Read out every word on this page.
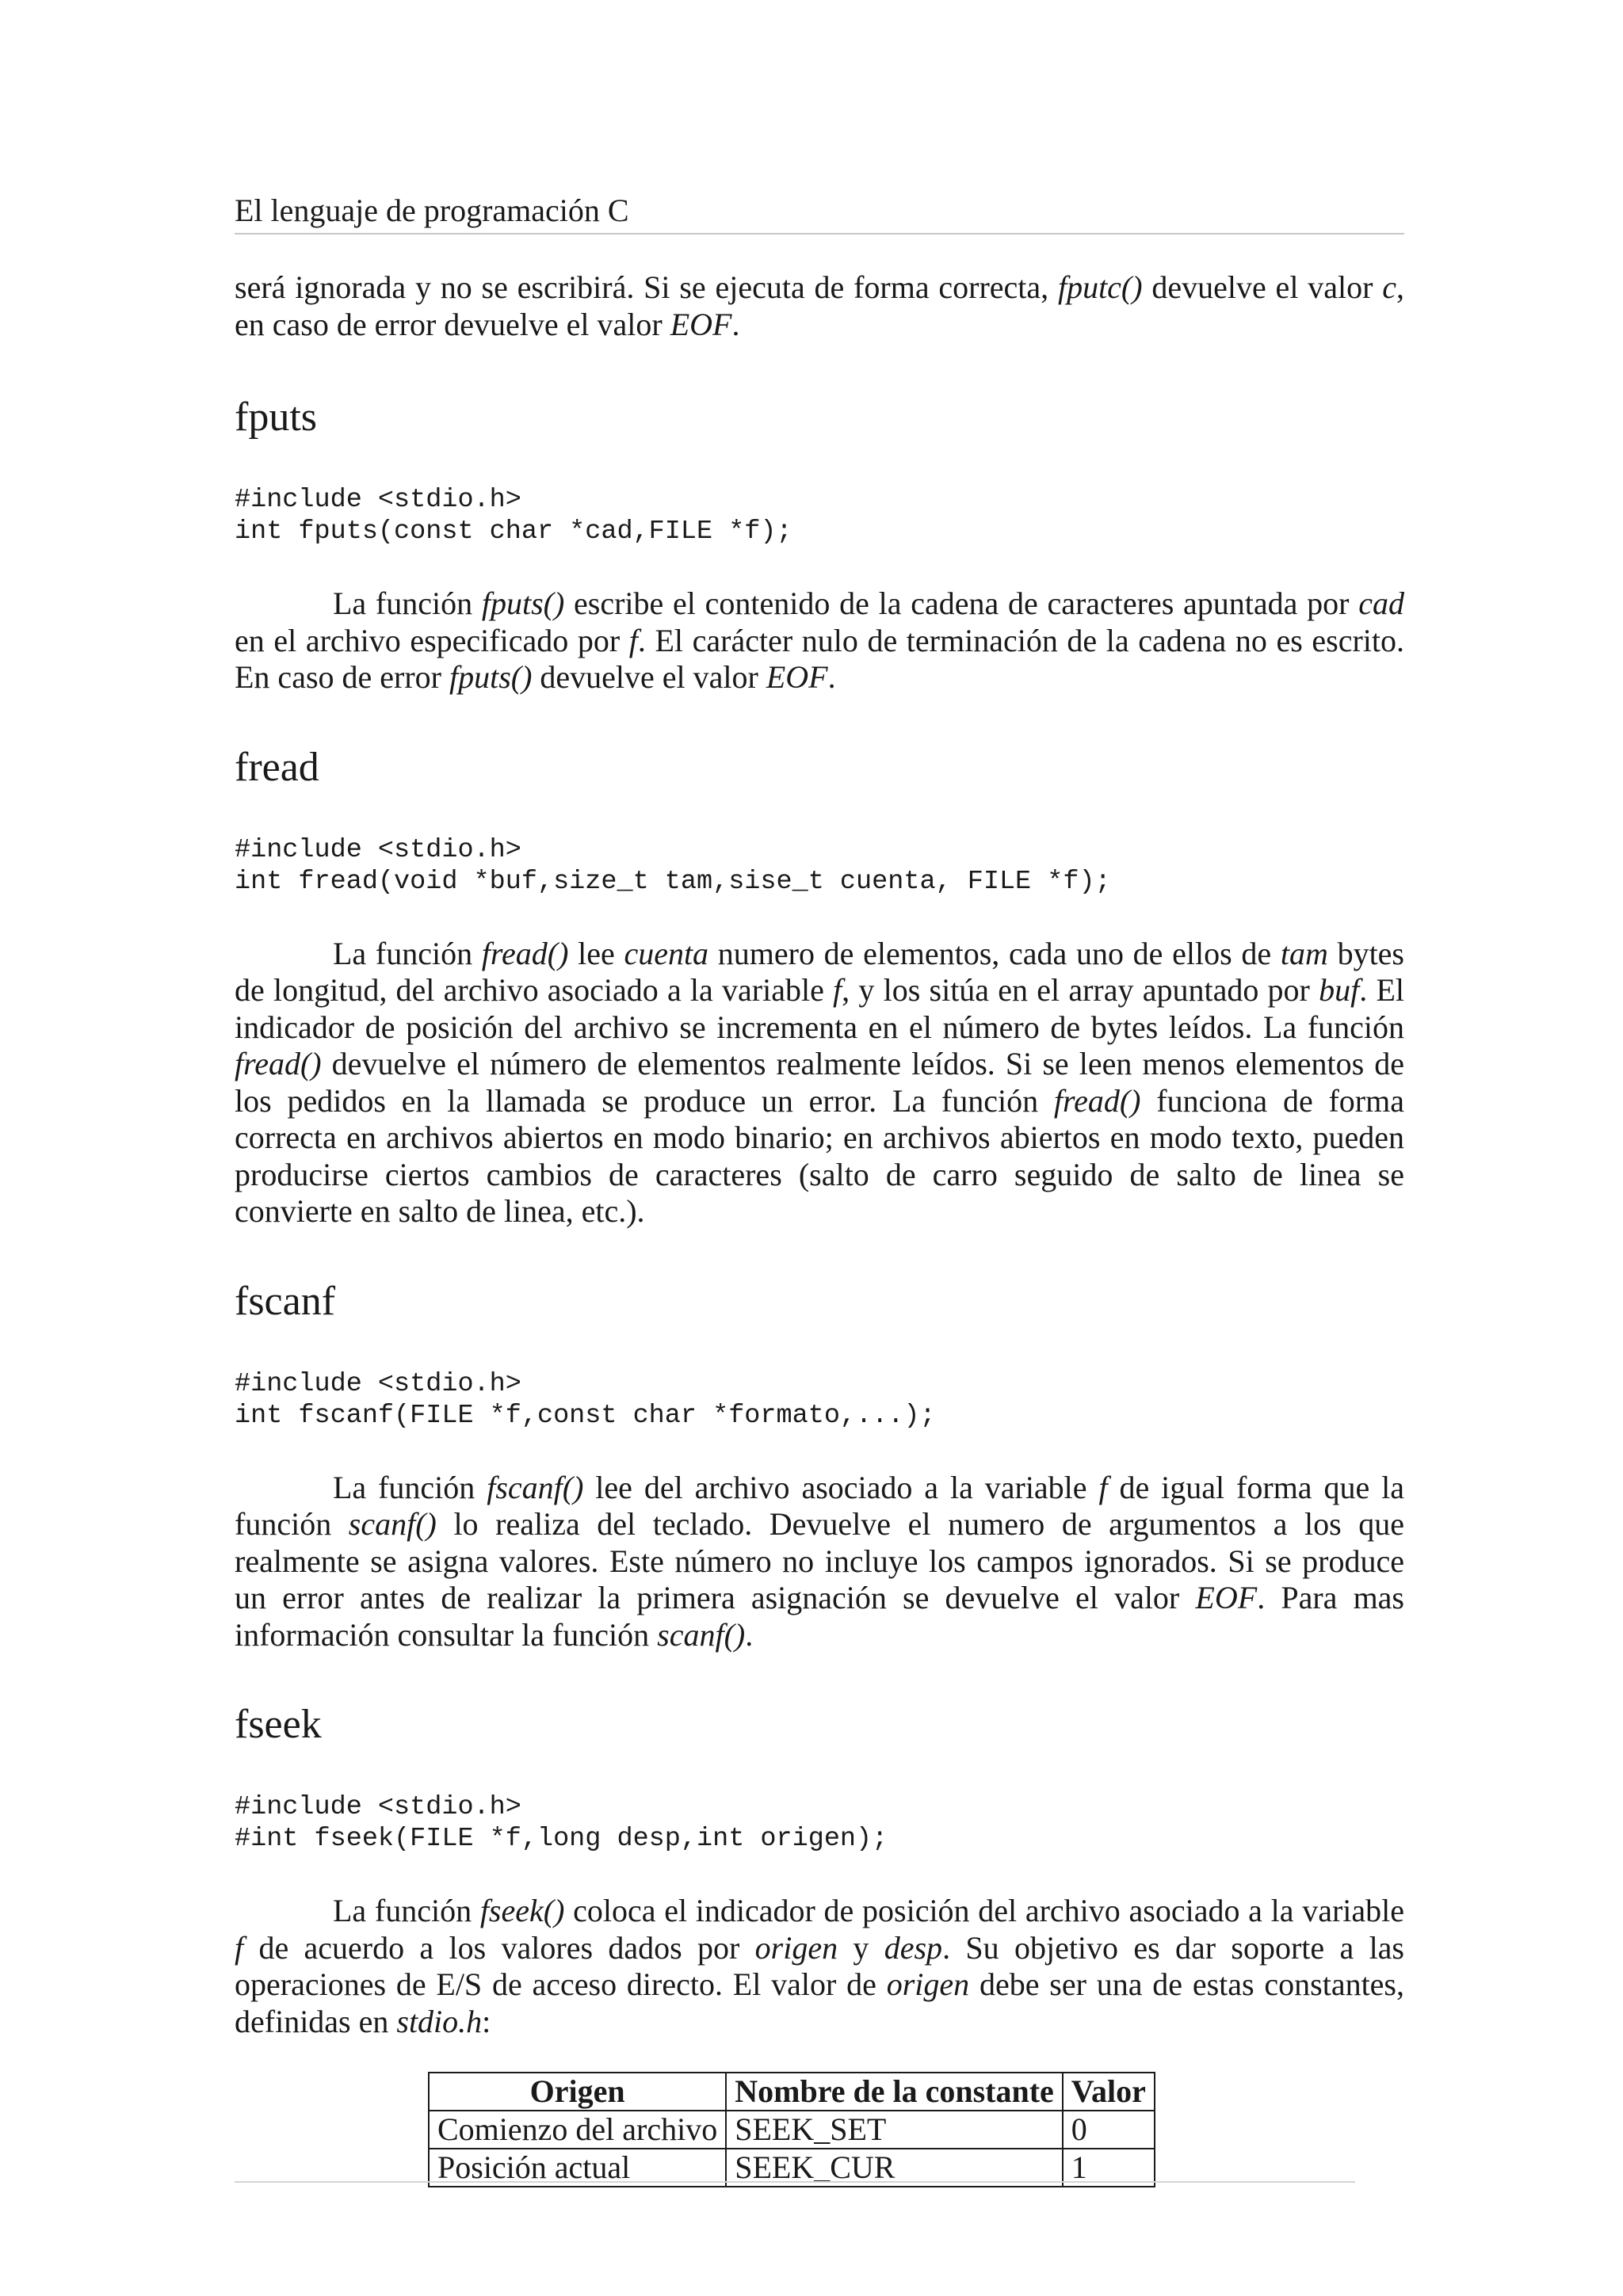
El lenguaje de programación C

será ignorada y no se escribirá. Si se ejecuta de forma correcta, fputc() devuelve el valor c, en caso de error devuelve el valor EOF.

fputs
#include <stdio.h>
int fputs(const char *cad,FILE *f);

La función fputs() escribe el contenido de la cadena de caracteres apuntada por cad en el archivo especificado por f. El carácter nulo de terminación de la cadena no es escrito. En caso de error fputs() devuelve el valor EOF.

fread
#include <stdio.h>
int fread(void *buf,size_t tam,sise_t cuenta, FILE *f);

La función fread() lee cuenta numero de elementos, cada uno de ellos de tam bytes de longitud, del archivo asociado a la variable f, y los sitúa en el array apuntado por buf. El indicador de posición del archivo se incrementa en el número de bytes leídos. La función fread() devuelve el número de elementos realmente leídos. Si se leen menos elementos de los pedidos en la llamada se produce un error. La función fread() funciona de forma correcta en archivos abiertos en modo binario; en archivos abiertos en modo texto, pueden producirse ciertos cambios de caracteres (salto de carro seguido de salto de linea se convierte en salto de linea, etc.).

fscanf
#include <stdio.h>
int fscanf(FILE *f,const char *formato,...);

La función fscanf() lee del archivo asociado a la variable f de igual forma que la función scanf() lo realiza del teclado. Devuelve el numero de argumentos a los que realmente se asigna valores. Este número no incluye los campos ignorados. Si se produce un error antes de realizar la primera asignación se devuelve el valor EOF. Para mas información consultar la función scanf().

fseek
#include <stdio.h>
#int fseek(FILE *f,long desp,int origen);

La función fseek() coloca el indicador de posición del archivo asociado a la variable f de acuerdo a los valores dados por origen y desp. Su objetivo es dar soporte a las operaciones de E/S de acceso directo. El valor de origen debe ser una de estas constantes, definidas en stdio.h:

Origen	Nombre de la constante	Valor
Comienzo del archivo	SEEK_SET	0
Posición actual	SEEK_CUR	1
